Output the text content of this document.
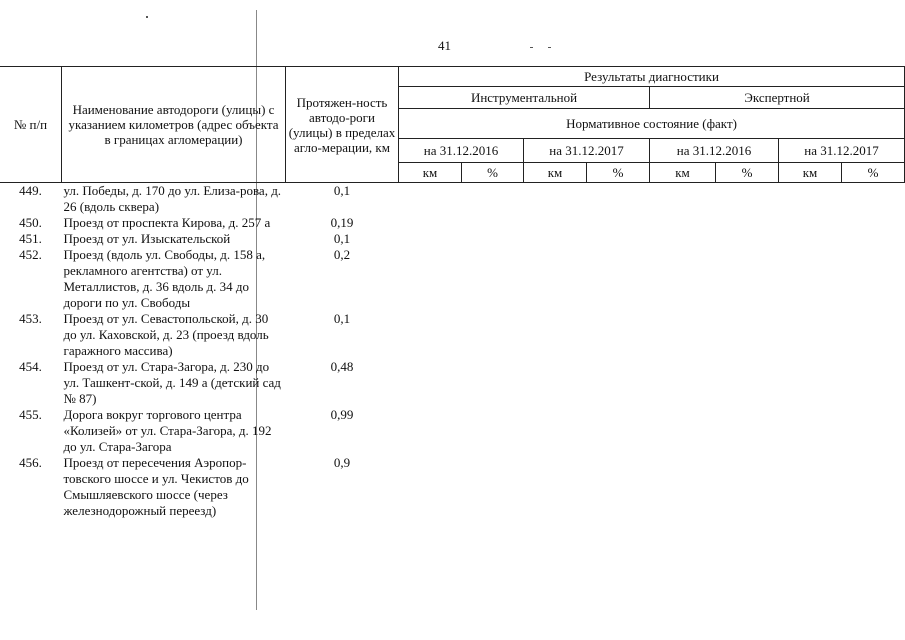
41
№ п/п	Наименование автодороги (улицы) с указанием километров (адрес объекта в границах агломерации)	Протяжен-ность автодо-роги (улицы) в пределах агло-мерации, км	Результаты диагностики							
			Инструментальной				Экспертной			
			Нормативное состояние (факт)							
			на 31.12.2016		на 31.12.2017		на 31.12.2016		на 31.12.2017	
			км	%	км	%	км	%	км	%
449.	ул. Победы, д. 170 до ул. Елиза-рова, д. 26 (вдоль сквера)	0,1								
450.	Проезд от проспекта Кирова, д. 257 а	0,19								
451.	Проезд от ул. Изыскательской	0,1								
452.	Проезд (вдоль ул. Свободы, д. 158 а, рекламного агентства) от ул. Металлистов, д. 36 вдоль д. 34 до дороги по ул. Свободы	0,2								
453.	Проезд от ул. Севастопольской, д. 30 до ул. Каховской, д. 23 (проезд вдоль гаражного массива)	0,1								
454.	Проезд от ул. Стара-Загора, д. 230 до ул. Ташкент-ской, д. 149 а (детский сад № 87)	0,48								
455.	Дорога вокруг торгового центра «Колизей» от ул. Стара-Загора, д. 192 до ул. Стара-Загора	0,99								
456.	Проезд от пересечения Аэропор-товского шоссе и ул. Чекистов до Смышляевского шоссе (через железнодорожный переезд)	0,9								
